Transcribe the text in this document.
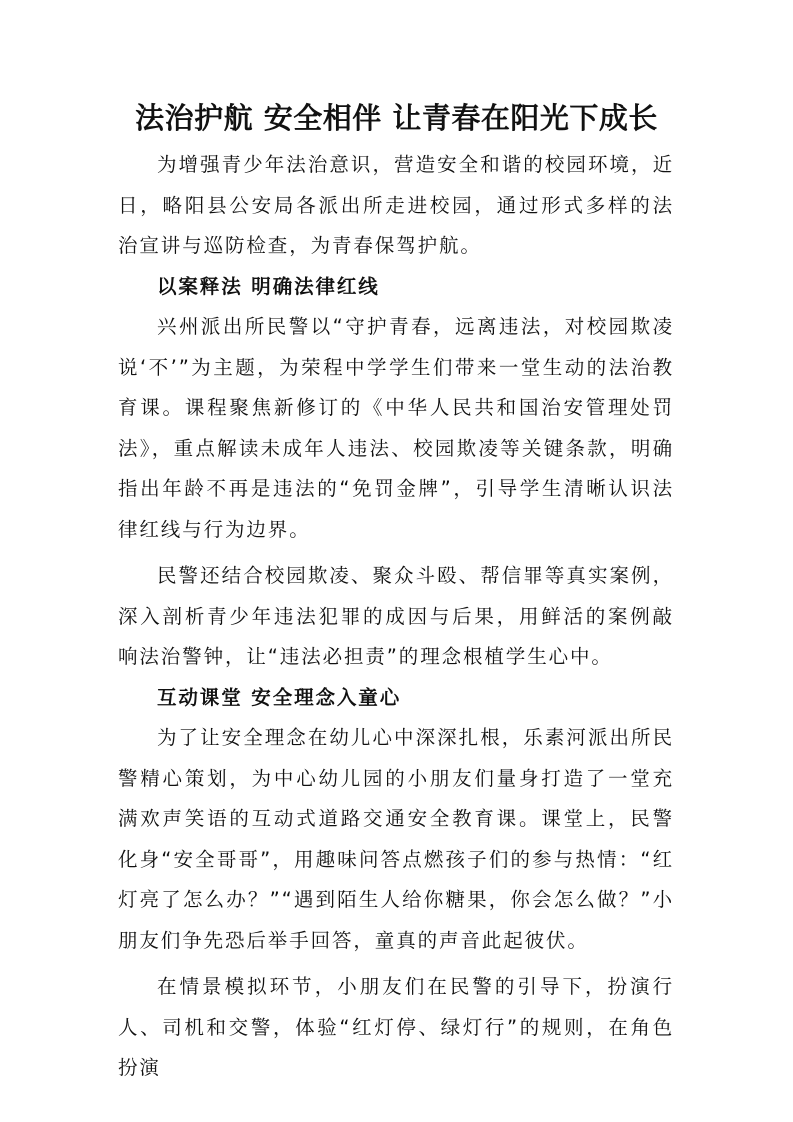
法治护航 安全相伴 让青春在阳光下成长

为增强青少年法治意识，营造安全和谐的校园环境，近日，略阳县公安局各派出所走进校园，通过形式多样的法治宣讲与巡防检查，为青春保驾护航。

以案释法 明确法律红线

兴州派出所民警以“守护青春，远离违法，对校园欺凌说‘不’”为主题，为荣程中学学生们带来一堂生动的法治教育课。课程聚焦新修订的《中华人民共和国治安管理处罚法》，重点解读未成年人违法、校园欺凌等关键条款，明确指出年龄不再是违法的“免罚金牌”，引导学生清晰认识法律红线与行为边界。

民警还结合校园欺凌、聚众斗殴、帮信罪等真实案例，深入剖析青少年违法犯罪的成因与后果，用鲜活的案例敲响法治警钟，让“违法必担责”的理念根植学生心中。

互动课堂 安全理念入童心

为了让安全理念在幼儿心中深深扎根，乐素河派出所民警精心策划，为中心幼儿园的小朋友们量身打造了一堂充满欢声笑语的互动式道路交通安全教育课。课堂上，民警化身“安全哥哥”，用趣味问答点燃孩子们的参与热情：“红灯亮了怎么办？”“遇到陌生人给你糖果，你会怎么做？”小朋友们争先恐后举手回答，童真的声音此起彼伏。

在情景模拟环节，小朋友们在民警的引导下，扮演行人、司机和交警，体验“红灯停、绿灯行”的规则，在角色扮演
